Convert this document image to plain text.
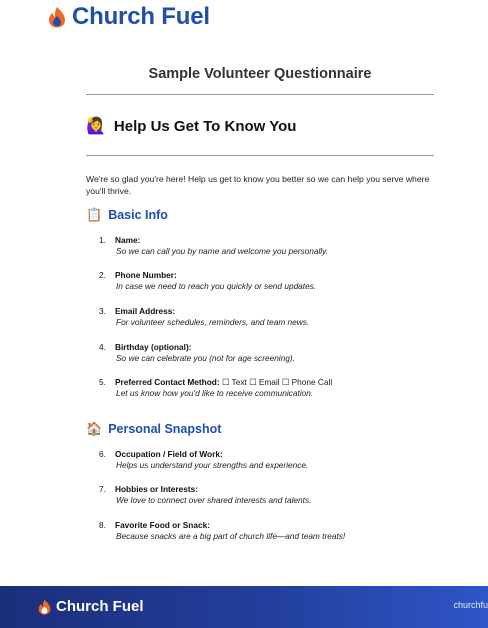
Church Fuel
Sample Volunteer Questionnaire
🙋‍♀️ Help Us Get To Know You
We're so glad you're here! Help us get to know you better so we can help you serve where you'll thrive.
📋 Basic Info
1. Name:
So we can call you by name and welcome you personally.
2. Phone Number:
In case we need to reach you quickly or send updates.
3. Email Address:
For volunteer schedules, reminders, and team news.
4. Birthday (optional):
So we can celebrate you (not for age screening).
5. Preferred Contact Method: ☐ Text ☐ Email ☐ Phone Call
Let us know how you'd like to receive communication.
🏠 Personal Snapshot
6. Occupation / Field of Work:
Helps us understand your strengths and experience.
7. Hobbies or Interests:
We love to connect over shared interests and talents.
8. Favorite Food or Snack:
Because snacks are a big part of church life—and team treats!
Church Fuel	churchfu
